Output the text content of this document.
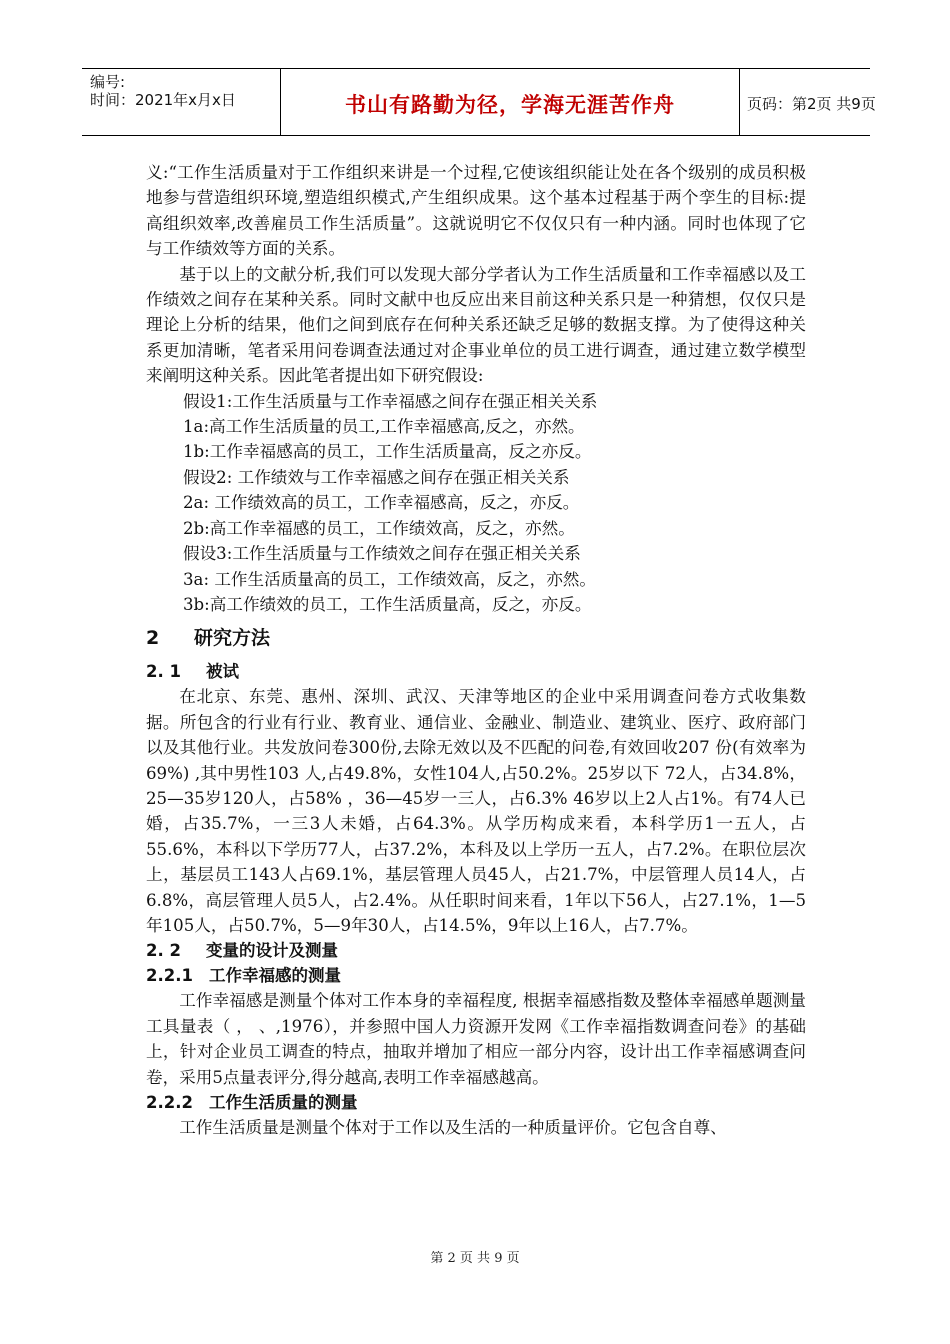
编号:
时间：2021年x月x日	书山有路勤为径，学海无涯苦作舟	页码：第2页 共9页

义:“工作生活质量对于工作组织来讲是一个过程,它使该组织能让处在各个级别的成员积极地参与营造组织环境,塑造组织模式,产生组织成果。这个基本过程基于两个孪生的目标:提高组织效率,改善雇员工作生活质量”。这就说明它不仅仅只有一种内涵。同时也体现了它与工作绩效等方面的关系。

基于以上的文献分析,我们可以发现大部分学者认为工作生活质量和工作幸福感以及工作绩效之间存在某种关系。同时文献中也反应出来目前这种关系只是一种猜想，仅仅只是理论上分析的结果，他们之间到底存在何种关系还缺乏足够的数据支撑。为了使得这种关系更加清晰，笔者采用问卷调查法通过对企事业单位的员工进行调查，通过建立数学模型来阐明这种关系。因此笔者提出如下研究假设:

假设1:工作生活质量与工作幸福感之间存在强正相关关系

1a:高工作生活质量的员工,工作幸福感高,反之，亦然。

1b:工作幸福感高的员工，工作生活质量高，反之亦反。

假设2: 工作绩效与工作幸福感之间存在强正相关关系

2a: 工作绩效高的员工，工作幸福感高，反之，亦反。

2b:高工作幸福感的员工，工作绩效高，反之，亦然。

假设3:工作生活质量与工作绩效之间存在强正相关关系

3a: 工作生活质量高的员工，工作绩效高，反之，亦然。

3b:高工作绩效的员工，工作生活质量高，反之，亦反。

2 研究方法
2. 1 被试

在北京、东莞、惠州、深圳、武汉、天津等地区的企业中采用调查问卷方式收集数据。所包含的行业有行业、教育业、通信业、金融业、制造业、建筑业、医疗、政府部门以及其他行业。共发放问卷300份,去除无效以及不匹配的问卷,有效回收207 份(有效率为69%) ,其中男性103 人,占49.8%，女性104人,占50.2%。25岁以下 72人，占34.8%， 25—35岁120人，占58% ，36—45岁一三人，占6.3% 46岁以上2人占1%。有74人已婚，占35.7%，一三3人未婚，占64.3%。从学历构成来看，本科学历1一五人，占55.6%，本科以下学历77人，占37.2%，本科及以上学历一五人，占7.2%。在职位层次上，基层员工143人占69.1%，基层管理人员45人，占21.7%，中层管理人员14人，占6.8%，高层管理人员5人，占2.4%。从任职时间来看，1年以下56人，占27.1%，1—5年105人，占50.7%，5—9年30人，占14.5%，9年以上16人，占7.7%。

2. 2 变量的设计及测量
2.2.1 工作幸福感的测量

工作幸福感是测量个体对工作本身的幸福程度, 根据幸福感指数及整体幸福感单题测量工具量表（ ， 、,1976），并参照中国人力资源开发网《工作幸福指数调查问卷》的基础上，针对企业员工调查的特点，抽取并增加了相应一部分内容，设计出工作幸福感调查问卷，采用5点量表评分,得分越高,表明工作幸福感越高。

2.2.2 工作生活质量的测量

工作生活质量是测量个体对于工作以及生活的一种质量评价。它包含自尊、

第 2 页 共 9 页
